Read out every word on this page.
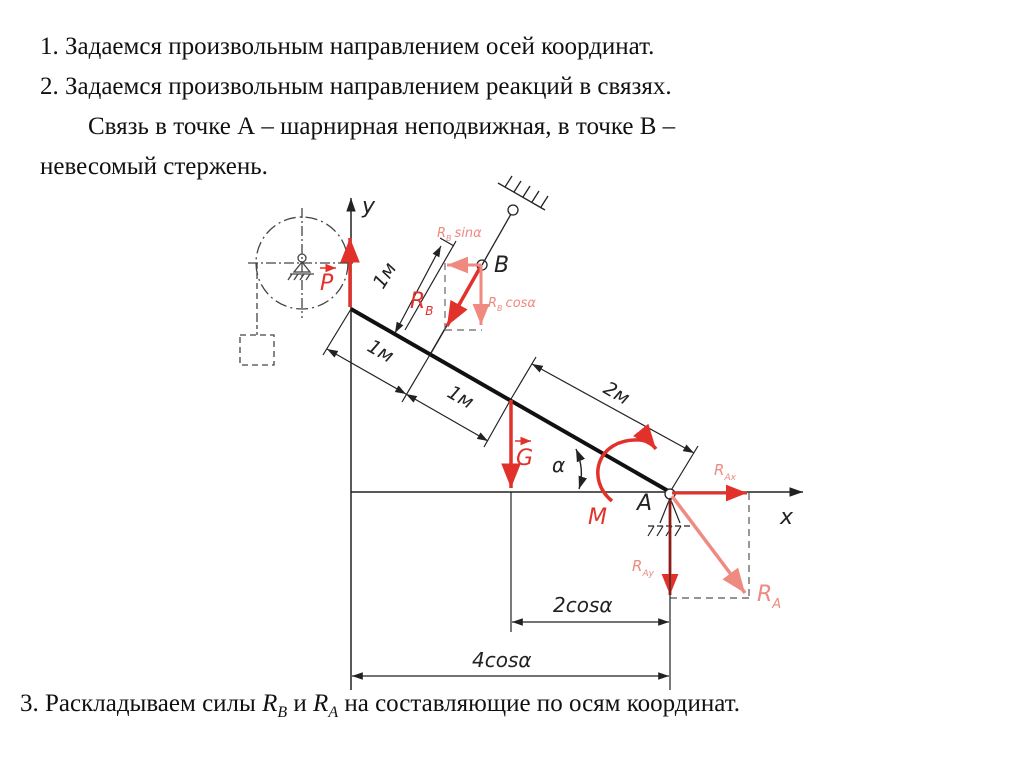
1. Задаемся произвольным направлением осей координат.

2. Задаемся произвольным направлением реакций в связях.

Связь в точке А – шарнирная неподвижная, в точке В –

невесомый стержень.

y
x
B
1м
$R_B$
$R_B$ sinα
$R_B$ cosα
P
1м
1м	2м
G α
M
A
$R_{Ax}$
$R_{Ay}$
$R_A$
2cosα
4cosα

3. Раскладываем силы $R_B$ и $R_A$ на составляющие по осям координат.
